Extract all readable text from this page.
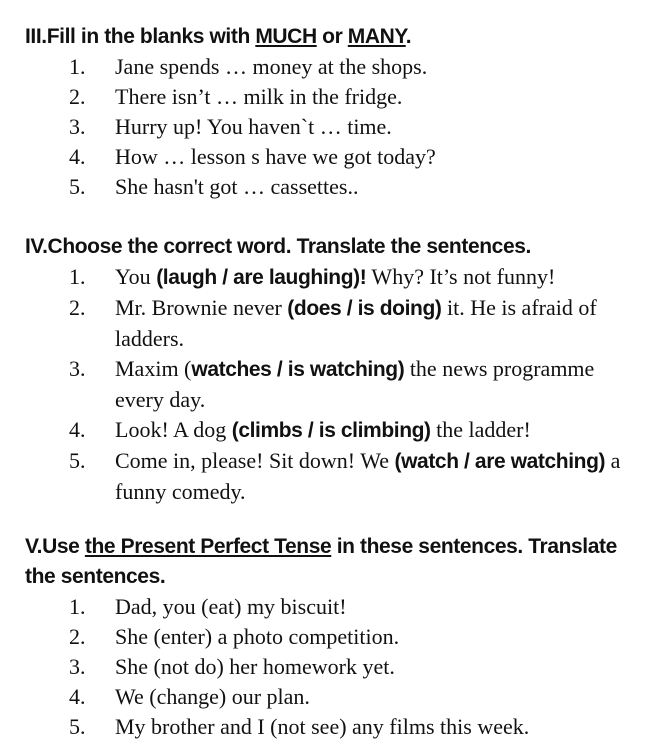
III.Fill in the blanks with MUCH or MANY.

1. Jane spends … money at the shops.
2. There isn’t … milk in the fridge.
3. Hurry up! You haven`t … time.
4. How … lesson s have we got today?
5. She hasn't got … cassettes..

IV.Choose the correct word. Translate the sentences.

1. You (laugh / are laughing)! Why? It’s not funny!
2. Mr. Brownie never (does / is doing) it. He is afraid of ladders.
3. Maxim (watches / is watching) the news programme every day.
4. Look! A dog (climbs / is climbing) the ladder!
5. Come in, please! Sit down! We (watch / are watching) a funny comedy.

V.Use the Present Perfect Tense in these sentences. Translate the sentences.

1. Dad, you (eat) my biscuit!
2. She (enter) a photo competition.
3. She (not do) her homework yet.
4. We (change) our plan.
5. My brother and I (not see) any films this week.
